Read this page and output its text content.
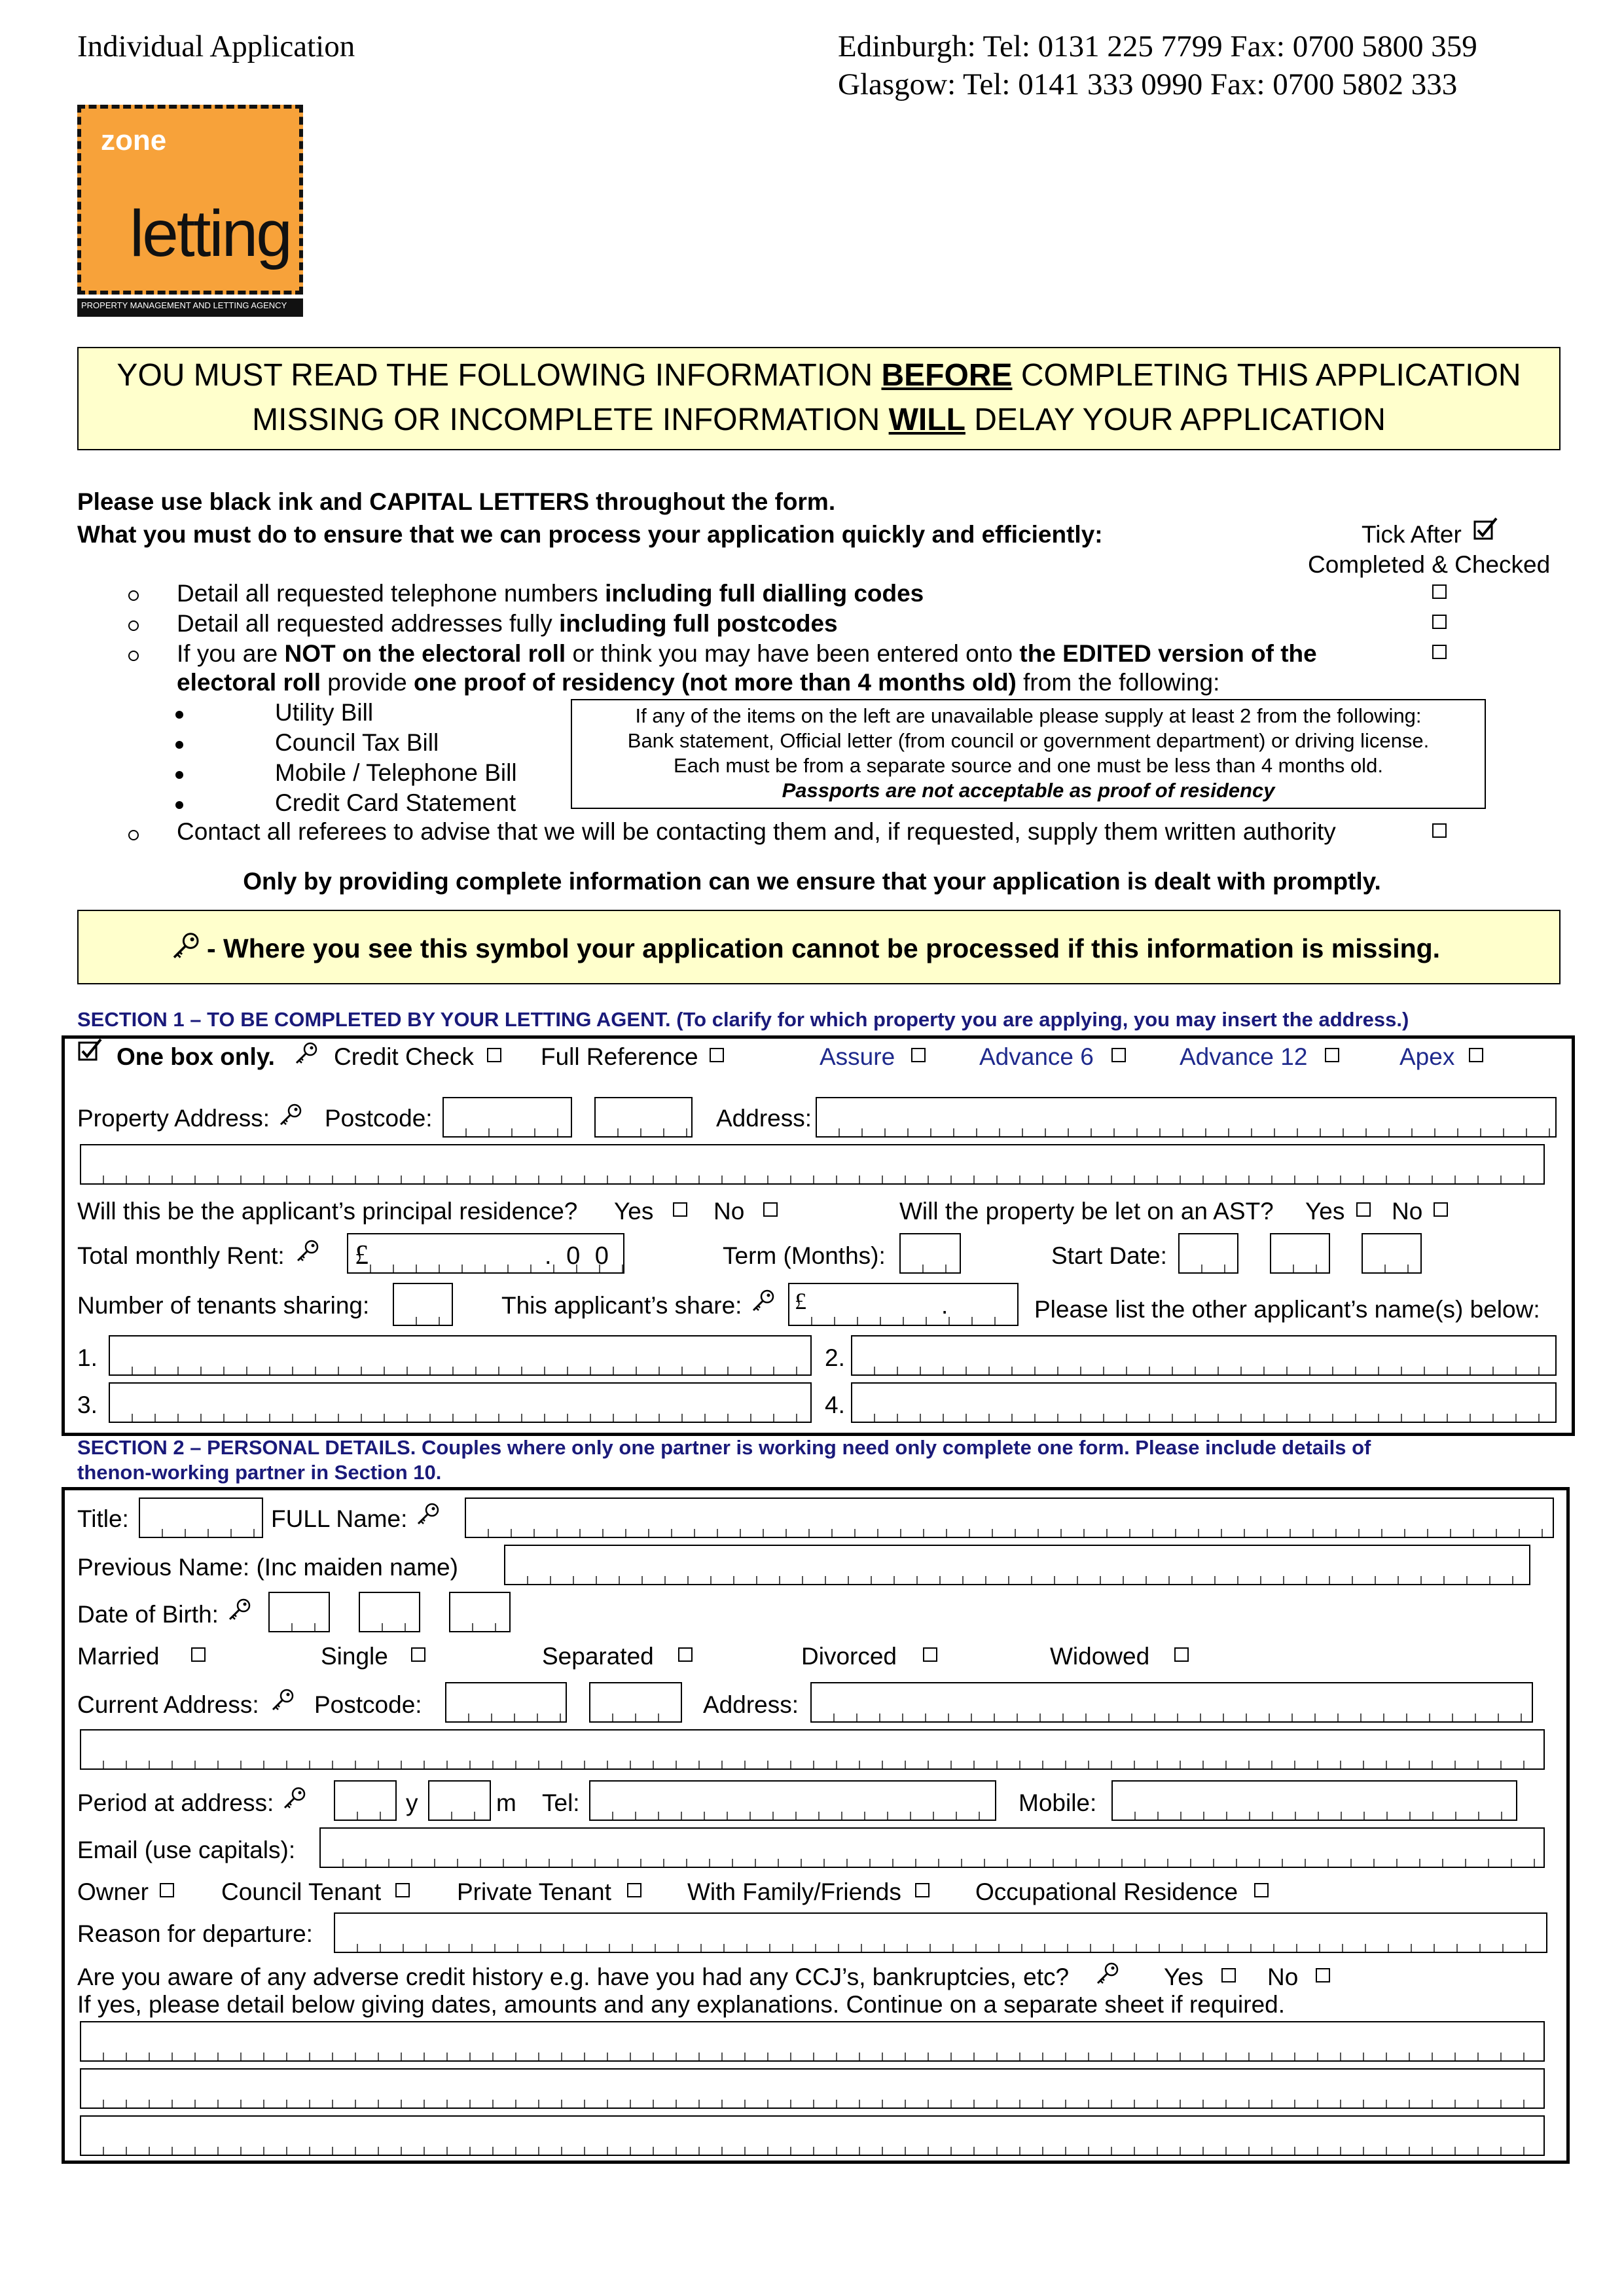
Individual Application	Edinburgh: Tel: 0131 225 7799 Fax: 0700 5800 359
Glasgow: Tel: 0141 333 0990 Fax: 0700 5802 333
zone
letting
PROPERTY MANAGEMENT AND LETTING AGENCY
YOU MUST READ THE FOLLOWING INFORMATION BEFORE COMPLETING THIS APPLICATION
MISSING OR INCOMPLETE INFORMATION WILL DELAY YOUR APPLICATION
Please use black ink and CAPITAL LETTERS throughout the form.
What you must do to ensure that we can process your application quickly and efficiently:	Tick After
Completed & Checked
Detail all requested telephone numbers including full dialling codes
Detail all requested addresses fully including full postcodes
If you are NOT on the electoral roll or think you may have been entered onto the EDITED version of the
electoral roll provide one proof of residency (not more than 4 months old) from the following:
Utility Bill
Council Tax Bill
Mobile / Telephone Bill
Credit Card Statement
If any of the items on the left are unavailable please supply at least 2 from the following:
Bank statement, Official letter (from council or government department) or driving license.
Each must be from a separate source and one must be less than 4 months old.
Passports are not acceptable as proof of residency
Contact all referees to advise that we will be contacting them and, if requested, supply them written authority
Only by providing complete information can we ensure that your application is dealt with promptly.
- Where you see this symbol your application cannot be processed if this information is missing.
SECTION 1 – TO BE COMPLETED BY YOUR LETTING AGENT. (To clarify for which property you are applying, you may insert the address.)
One box only. Credit Check	Full Reference	Assure	Advance 6	Advance 12	Apex
Property Address: Postcode:	Address:
Will this be the applicant’s principal residence? Yes No	Will the property be let on an AST? Yes No
Total monthly Rent:	£	. 0 0	Term (Months):	Start Date:
Number of tenants sharing:	This applicant’s share: £	.	Please list the other applicant’s name(s) below:
1.	2.
3.	4.
SECTION 2 – PERSONAL DETAILS. Couples where only one partner is working need only complete one form. Please include details of
thenon-working partner in Section 10.
Title:	FULL Name:
Previous Name: (Inc maiden name)
Date of Birth:
Married	Single	Separated	Divorced	Widowed
Current Address: Postcode:	Address:
Period at address:	y	m Tel:	Mobile:
Email (use capitals):
Owner	Council Tenant	Private Tenant	With Family/Friends	Occupational Residence
Reason for departure:
Are you aware of any adverse credit history e.g. have you had any CCJ’s, bankruptcies, etc?	Yes	No
If yes, please detail below giving dates, amounts and any explanations. Continue on a separate sheet if required.
